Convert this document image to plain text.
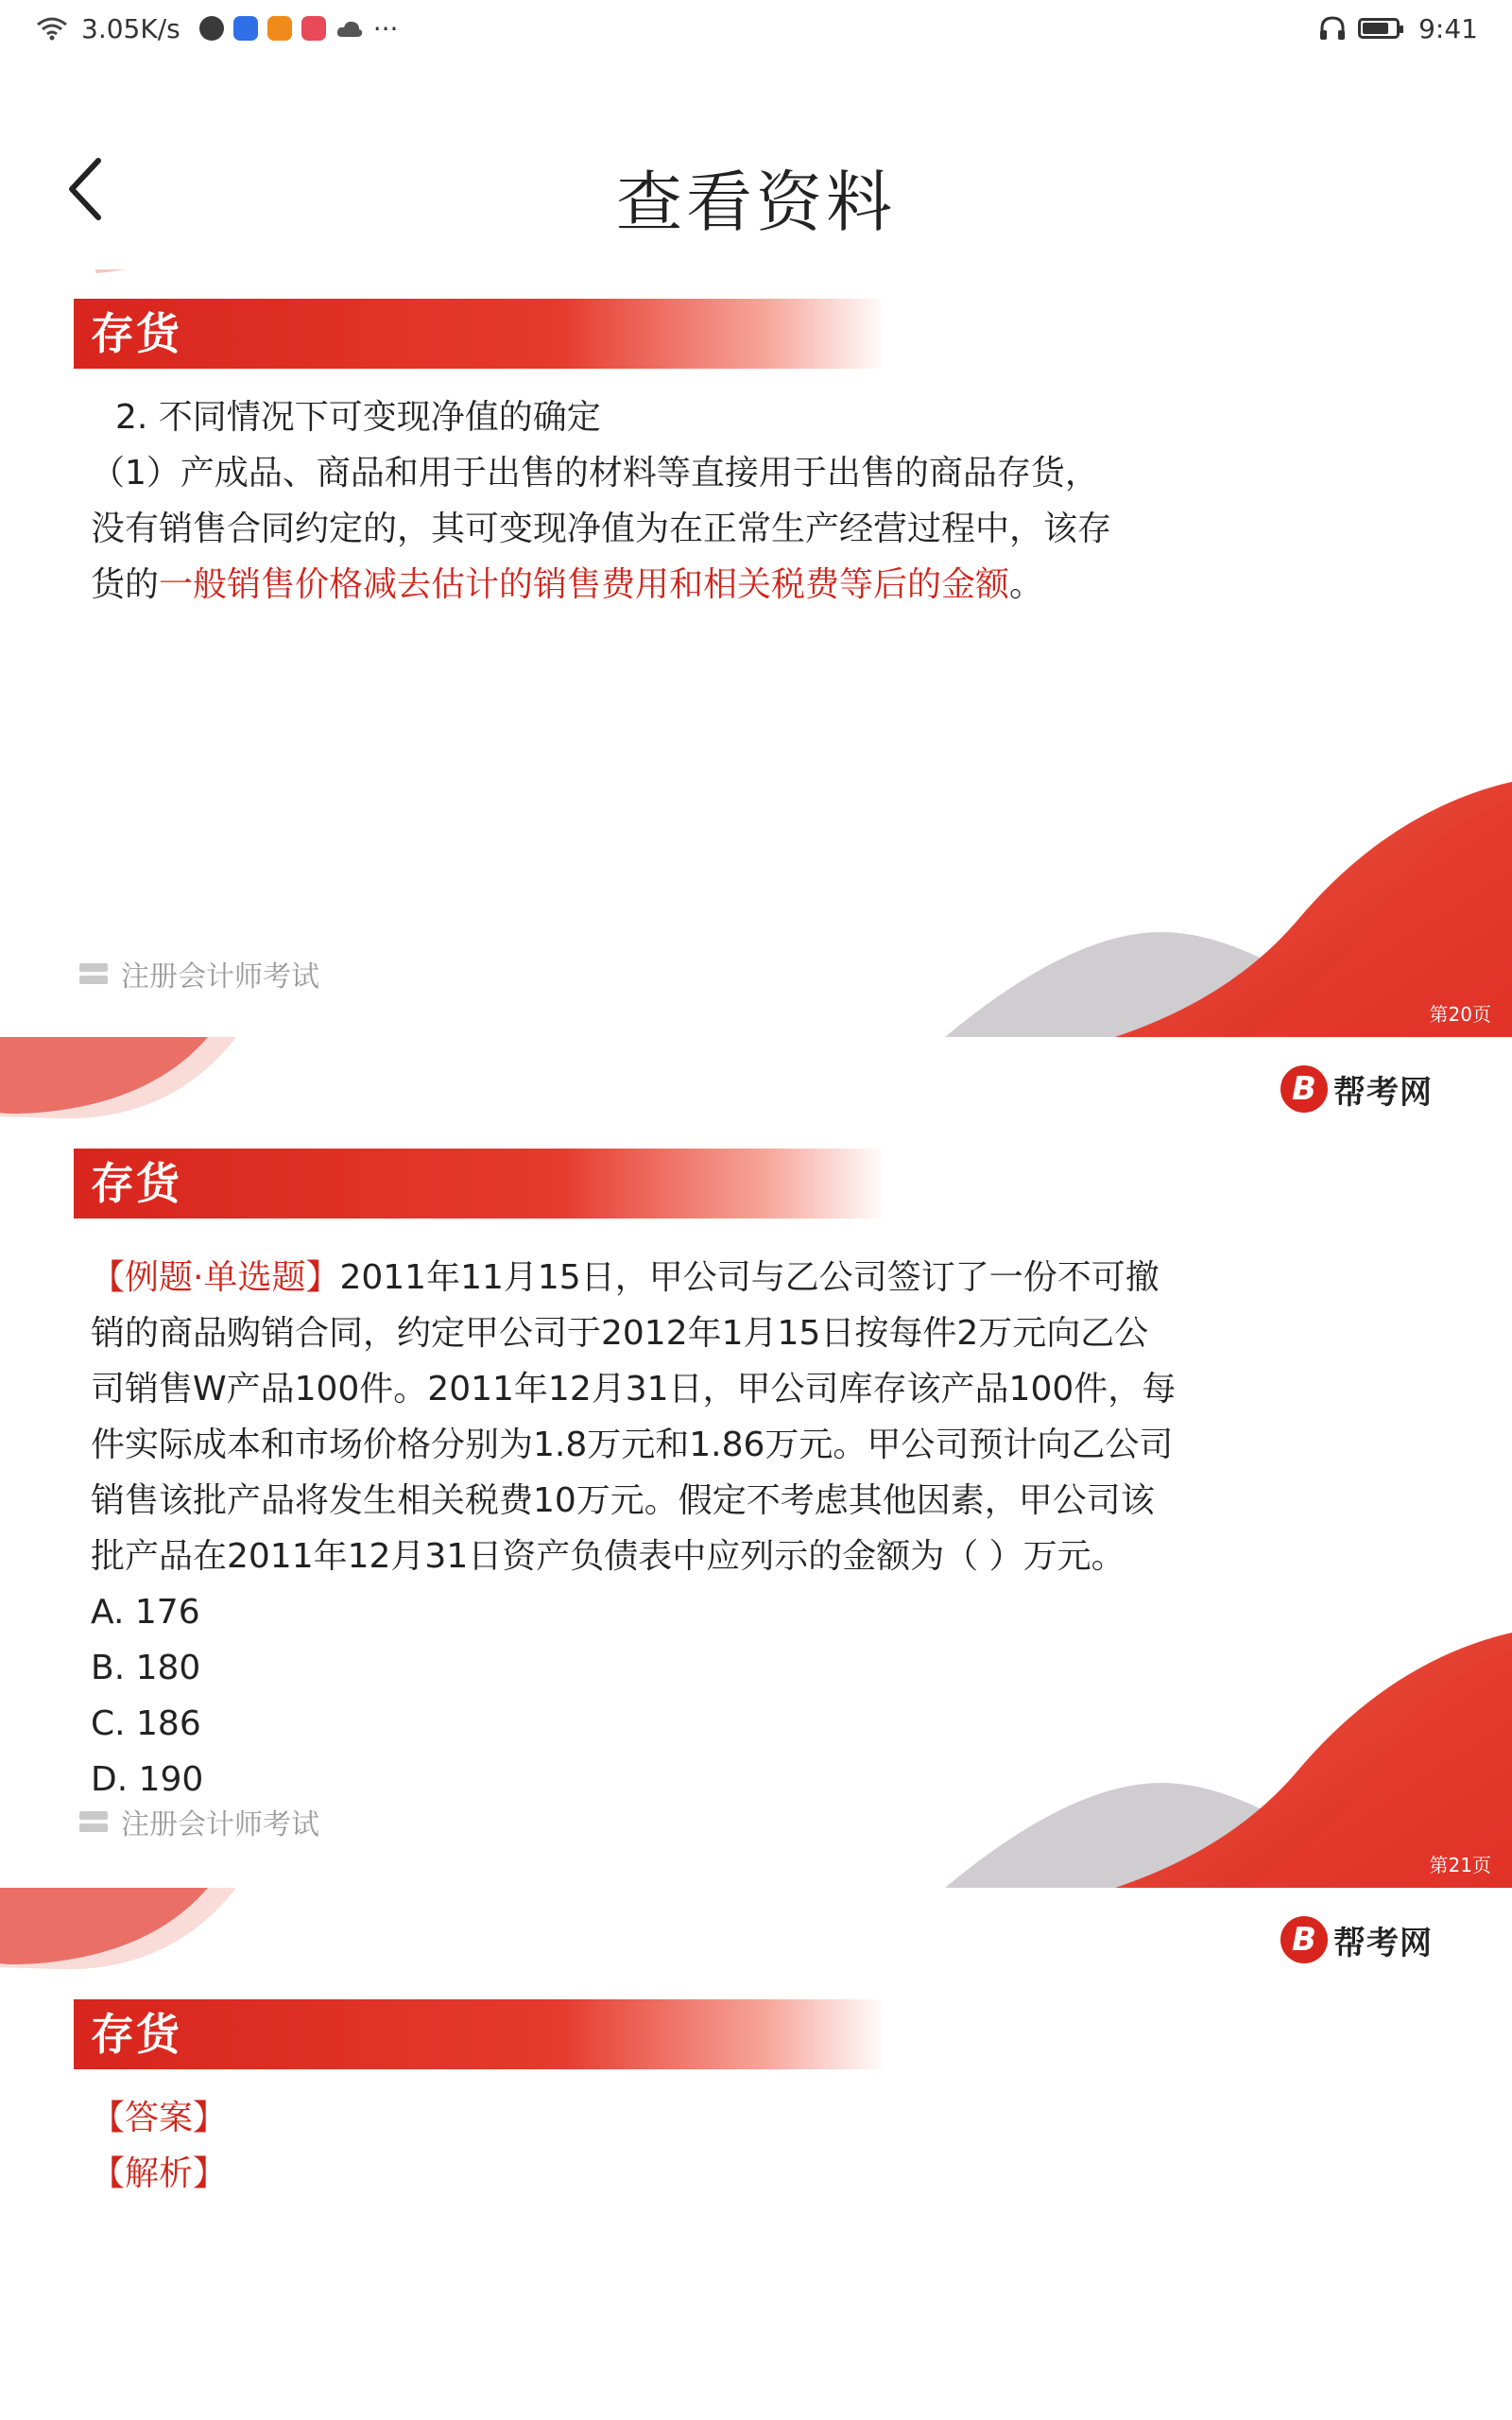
3.05K/s	···	9:41
查看资料
存货

2. 不同情况下可变现净值的确定

（1）产成品、商品和用于出售的材料等直接用于出售的商品存货，

没有销售合同约定的，其可变现净值为在正常生产经营过程中，该存

货的一般销售价格减去估计的销售费用和相关税费等后的金额。

注册会计师考试
第20页
B 帮考网
存货

【例题·单选题】2011年11月15日，甲公司与乙公司签订了一份不可撤

销的商品购销合同，约定甲公司于2012年1月15日按每件2万元向乙公

司销售W产品100件。2011年12月31日，甲公司库存该产品100件，每

件实际成本和市场价格分别为1.8万元和1.86万元。甲公司预计向乙公司

销售该批产品将发生相关税费10万元。假定不考虑其他因素，甲公司该

批产品在2011年12月31日资产负债表中应列示的金额为（ ）万元。

A. 176

B. 180

C. 186

D. 190

注册会计师考试
第21页
B 帮考网
存货

【答案】

【解析】
